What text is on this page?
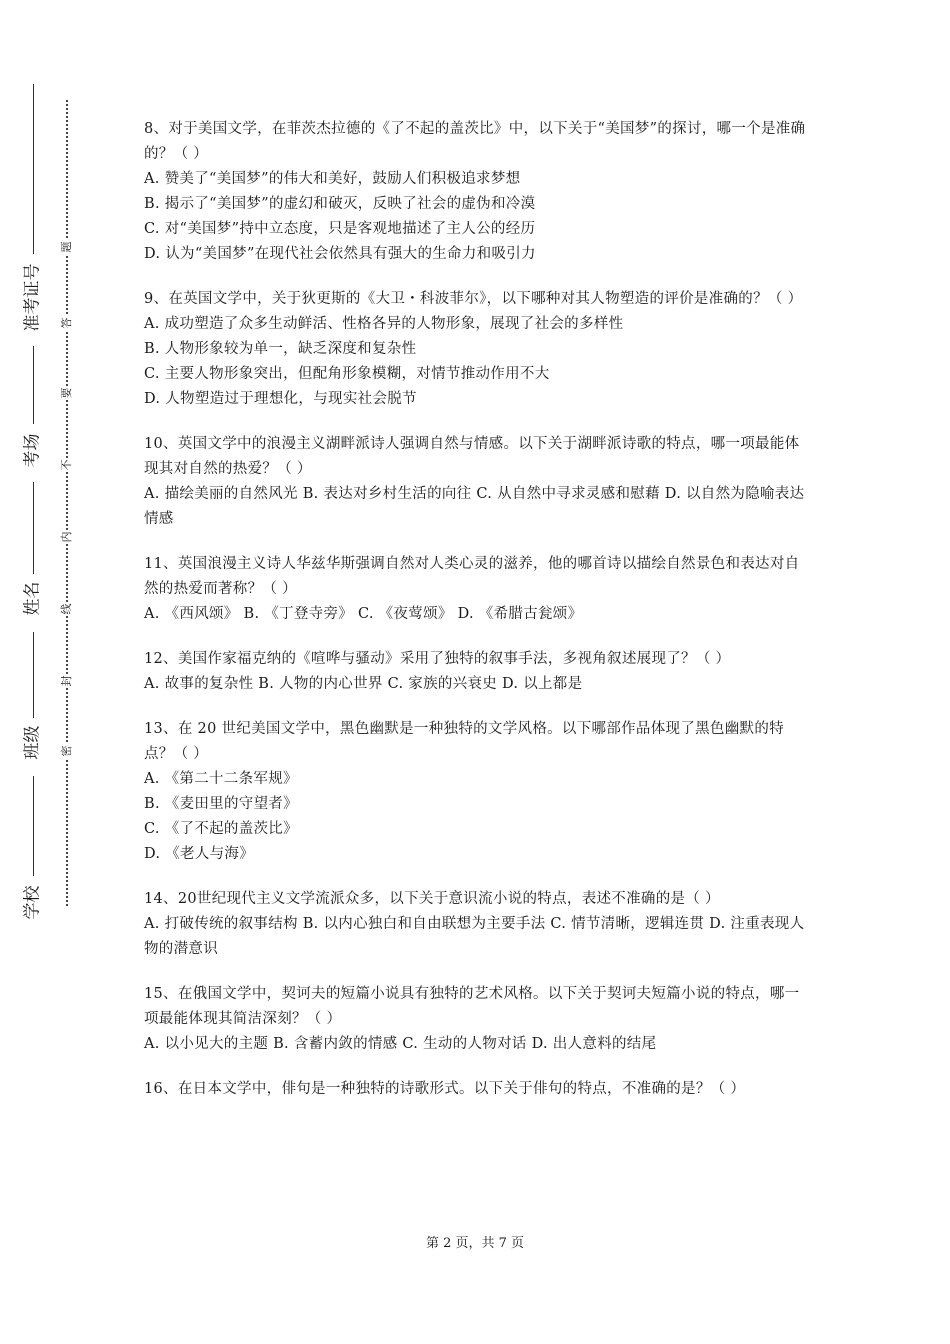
准考证号
考场
姓名
班级
学校
题
答
要
不
内
线
封
密
8、对于美国文学，在菲茨杰拉德的《了不起的盖茨比》中，以下关于“美国梦”的探讨，哪一个是准确的？（ ）
A. 赞美了“美国梦”的伟大和美好，鼓励人们积极追求梦想
B. 揭示了“美国梦”的虚幻和破灭，反映了社会的虚伪和冷漠
C. 对“美国梦”持中立态度，只是客观地描述了主人公的经历
D. 认为“美国梦”在现代社会依然具有强大的生命力和吸引力
9、在英国文学中，关于狄更斯的《大卫・科波菲尔》，以下哪种对其人物塑造的评价是准确的？（ ）
A. 成功塑造了众多生动鲜活、性格各异的人物形象，展现了社会的多样性
B. 人物形象较为单一，缺乏深度和复杂性
C. 主要人物形象突出，但配角形象模糊，对情节推动作用不大
D. 人物塑造过于理想化，与现实社会脱节
10、英国文学中的浪漫主义湖畔派诗人强调自然与情感。以下关于湖畔派诗歌的特点，哪一项最能体现其对自然的热爱？（ ）
A. 描绘美丽的自然风光 B. 表达对乡村生活的向往 C. 从自然中寻求灵感和慰藉 D. 以自然为隐喻表达情感
11、英国浪漫主义诗人华兹华斯强调自然对人类心灵的滋养，他的哪首诗以描绘自然景色和表达对自然的热爱而著称？（ ）
A. 《西风颂》 B. 《丁登寺旁》 C. 《夜莺颂》 D. 《希腊古瓮颂》
12、美国作家福克纳的《喧哗与骚动》采用了独特的叙事手法，多视角叙述展现了？（ ）
A. 故事的复杂性 B. 人物的内心世界 C. 家族的兴衰史 D. 以上都是
13、在 20 世纪美国文学中，黑色幽默是一种独特的文学风格。以下哪部作品体现了黑色幽默的特点？（ ）
A. 《第二十二条军规》
B. 《麦田里的守望者》
C. 《了不起的盖茨比》
D. 《老人与海》
14、20世纪现代主义文学流派众多，以下关于意识流小说的特点，表述不准确的是（ ）
A. 打破传统的叙事结构 B. 以内心独白和自由联想为主要手法 C. 情节清晰，逻辑连贯 D. 注重表现人物的潜意识
15、在俄国文学中，契诃夫的短篇小说具有独特的艺术风格。以下关于契诃夫短篇小说的特点，哪一项最能体现其简洁深刻？（ ）
A. 以小见大的主题 B. 含蓄内敛的情感 C. 生动的人物对话 D. 出人意料的结尾
16、在日本文学中，俳句是一种独特的诗歌形式。以下关于俳句的特点，不准确的是？（ ）
第 2 页，共 7 页
